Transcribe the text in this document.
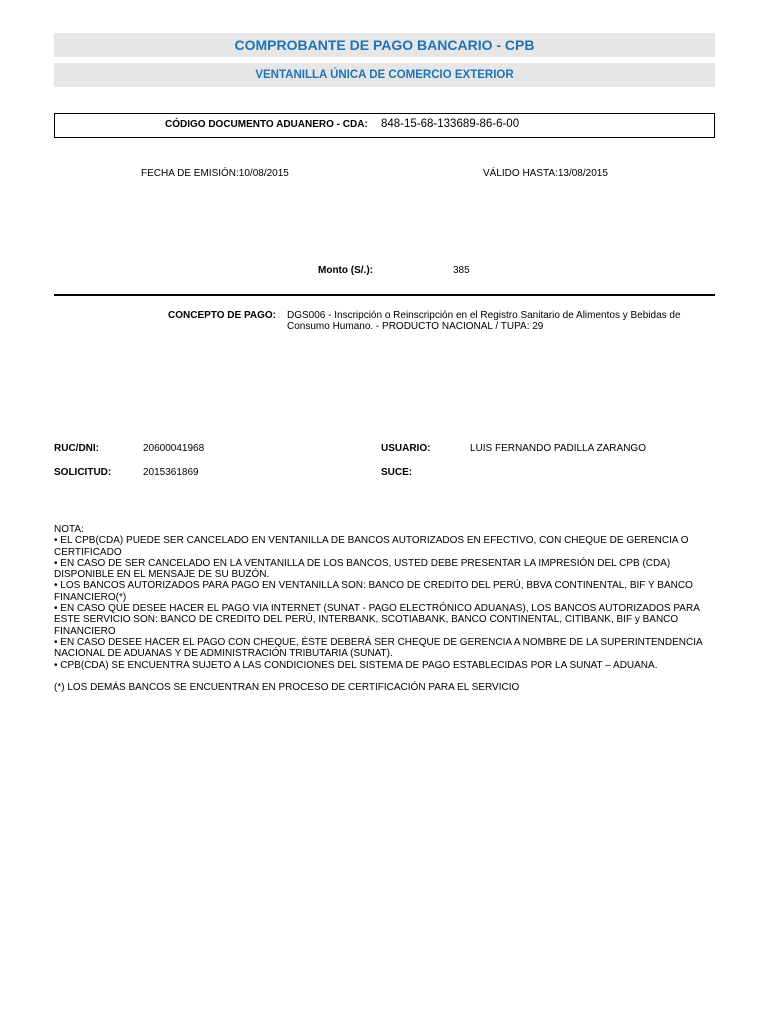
COMPROBANTE DE PAGO BANCARIO - CPB
VENTANILLA ÚNICA DE COMERCIO EXTERIOR
CÓDIGO DOCUMENTO ADUANERO - CDA: 848-15-68-133689-86-6-00
FECHA DE EMISIÓN:10/08/2015	VÁLIDO HASTA:13/08/2015
Monto (S/.):	385
CONCEPTO DE PAGO: DGS006 - Inscripción o Reinscripción en el Registro Sanitario de Alimentos y Bebidas de Consumo Humano. - PRODUCTO NACIONAL / TUPA: 29
RUC/DNI:	20600041968	USUARIO:	LUIS FERNANDO PADILLA ZARANGO
SOLICITUD:	2015361869	SUCE:
NOTA:
• EL CPB(CDA) PUEDE SER CANCELADO EN VENTANILLA DE BANCOS AUTORIZADOS EN EFECTIVO, CON CHEQUE DE GERENCIA O CERTIFICADO
• EN CASO DE SER CANCELADO EN LA VENTANILLA DE LOS BANCOS, USTED DEBE PRESENTAR LA IMPRESIÓN DEL CPB (CDA) DISPONIBLE EN EL MENSAJE DE SU BUZÓN.
• LOS BANCOS AUTORIZADOS PARA PAGO EN VENTANILLA SON: BANCO DE CREDITO DEL PERÚ, BBVA CONTINENTAL, BIF Y BANCO FINANCIERO(*)
• EN CASO QUE DESEE HACER EL PAGO VIA INTERNET (SUNAT - PAGO ELECTRÓNICO ADUANAS), LOS BANCOS AUTORIZADOS PARA ESTE SERVICIO SON: BANCO DE CREDITO DEL PERÚ, INTERBANK, SCOTIABANK, BANCO CONTINENTAL, CITIBANK, BIF y BANCO FINANCIERO
• EN CASO DESEE HACER EL PAGO CON CHEQUE, ÉSTE DEBERÁ SER CHEQUE DE GERENCIA A NOMBRE DE LA SUPERINTENDENCIA NACIONAL DE ADUANAS Y DE ADMINISTRACIÓN TRIBUTARIA (SUNAT).
• CPB(CDA) SE ENCUENTRA SUJETO A LAS CONDICIONES DEL SISTEMA DE PAGO ESTABLECIDAS POR LA SUNAT – ADUANA.
(*) LOS DEMÁS BANCOS SE ENCUENTRAN EN PROCESO DE CERTIFICACIÓN PARA EL SERVICIO
